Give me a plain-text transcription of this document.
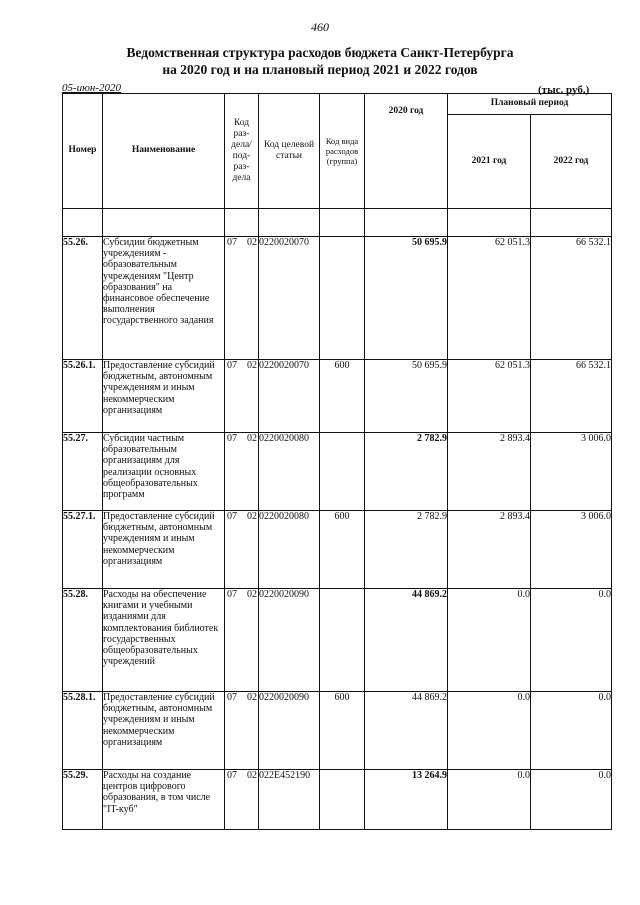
460
Ведомственная структура расходов бюджета Санкт-Петербурга
на 2020 год и на плановый период 2021 и 2022 годов
05-июн-2020	(тыс. руб.)
Номер	Наименование	Код раз-дела/ под-раз-дела	Код целевой статьи	Код вида расходов (группа)	2020 год	Плановый период	
						2021 год	2022 год

55.26.	Субсидии бюджетным учреждениям - образовательным учреждениям "Центр образования" на финансовое обеспечение выполнения государственного задания	07 02	0220020070		50 695.9	62 051.3	66 532.1
55.26.1.	Предоставление субсидий бюджетным, автономным учреждениям и иным некоммерческим организациям	07 02	0220020070	600	50 695.9	62 051.3	66 532.1
55.27.	Субсидии частным образовательным организациям для реализации основных общеобразовательных программ	07 02	0220020080		2 782.9	2 893.4	3 006.0
55.27.1.	Предоставление субсидий бюджетным, автономным учреждениям и иным некоммерческим организациям	07 02	0220020080	600	2 782.9	2 893.4	3 006.0
55.28.	Расходы на обеспечение книгами и учебными изданиями для комплектования библиотек государственных общеобразовательных учреждений	07 02	0220020090		44 869.2	0.0	0.0
55.28.1.	Предоставление субсидий бюджетным, автономным учреждениям и иным некоммерческим организациям	07 02	0220020090	600	44 869.2	0.0	0.0
55.29.	Расходы на создание центров цифрового образования, в том числе "IT-куб"	07 02	022E452190		13 264.9	0.0	0.0
